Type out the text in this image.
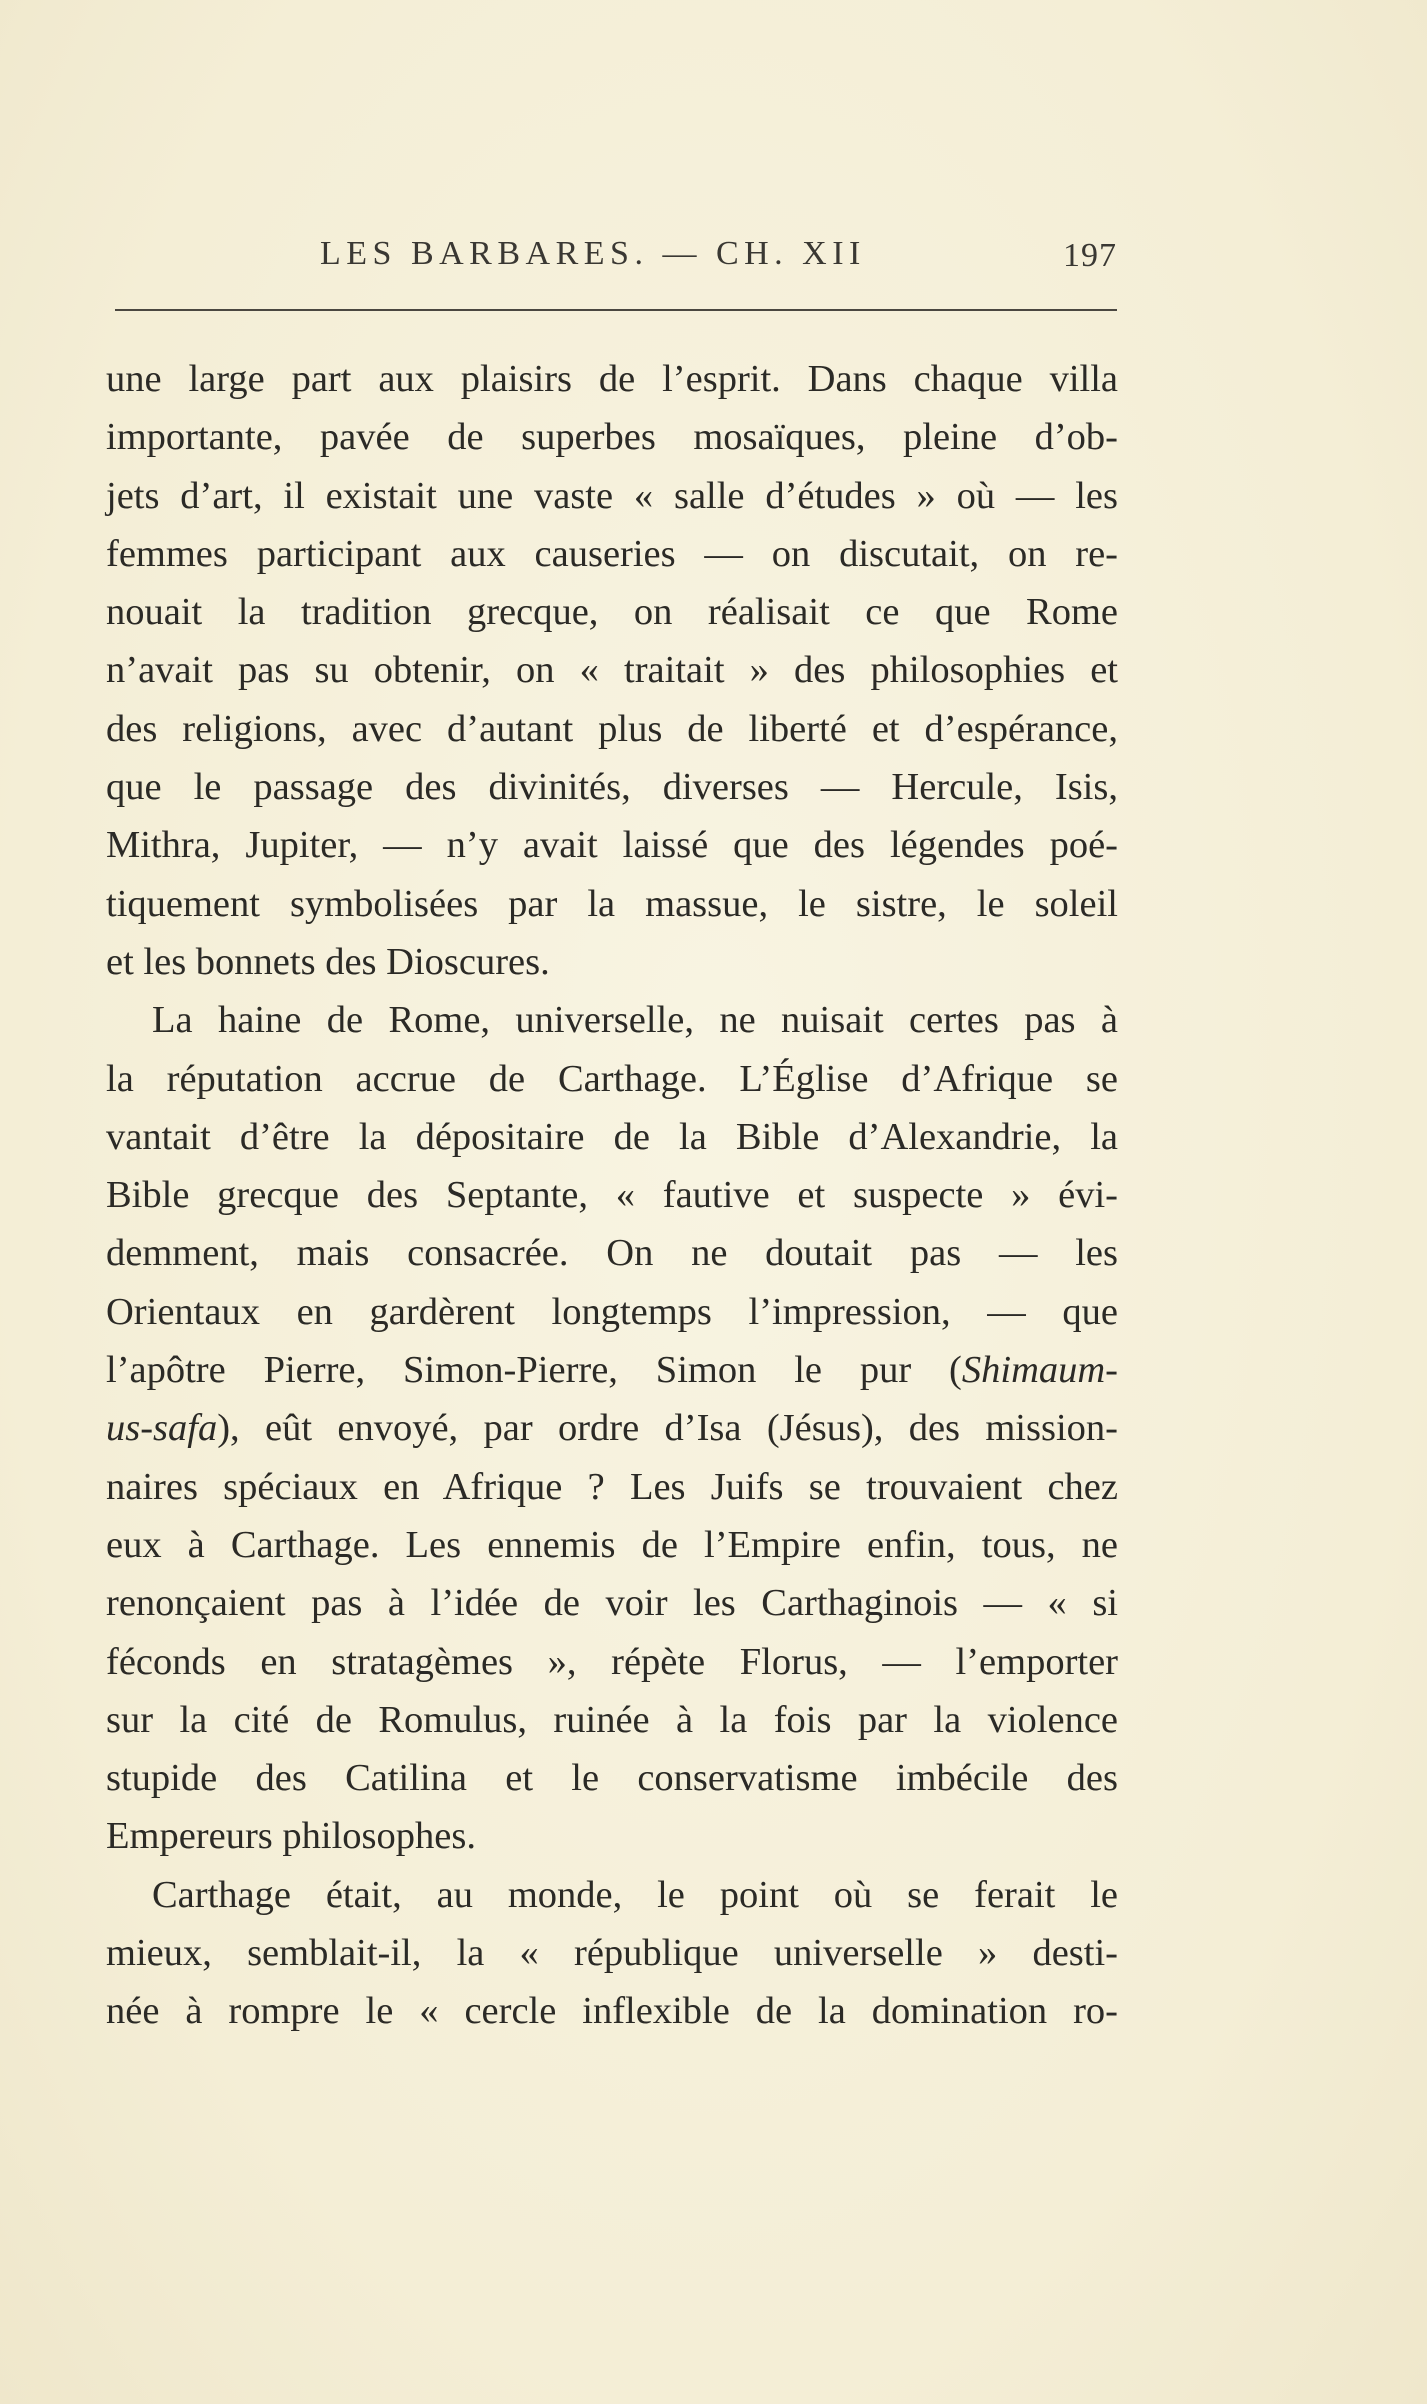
LES BARBARES. — CH. XII	197
une large part aux plaisirs de l’esprit. Dans chaque villa
importante, pavée de superbes mosaïques, pleine d’ob-
jets d’art, il existait une vaste « salle d’études » où — les
femmes participant aux causeries — on discutait, on re-
nouait la tradition grecque, on réalisait ce que Rome
n’avait pas su obtenir, on « traitait » des philosophies et
des religions, avec d’autant plus de liberté et d’espérance,
que le passage des divinités, diverses — Hercule, Isis,
Mithra, Jupiter, — n’y avait laissé que des légendes poé-
tiquement symbolisées par la massue, le sistre, le soleil
et les bonnets des Dioscures.
La haine de Rome, universelle, ne nuisait certes pas à
la réputation accrue de Carthage. L’Église d’Afrique se
vantait d’être la dépositaire de la Bible d’Alexandrie, la
Bible grecque des Septante, « fautive et suspecte » évi-
demment, mais consacrée. On ne doutait pas — les
Orientaux en gardèrent longtemps l’impression, — que
l’apôtre Pierre, Simon-Pierre, Simon le pur (Shimaum-
us-safa), eût envoyé, par ordre d’Isa (Jésus), des mission-
naires spéciaux en Afrique ? Les Juifs se trouvaient chez
eux à Carthage. Les ennemis de l’Empire enfin, tous, ne
renonçaient pas à l’idée de voir les Carthaginois — « si
féconds en stratagèmes », répète Florus, — l’emporter
sur la cité de Romulus, ruinée à la fois par la violence
stupide des Catilina et le conservatisme imbécile des
Empereurs philosophes.
Carthage était, au monde, le point où se ferait le
mieux, semblait-il, la « république universelle » desti-
née à rompre le « cercle inflexible de la domination ro-
